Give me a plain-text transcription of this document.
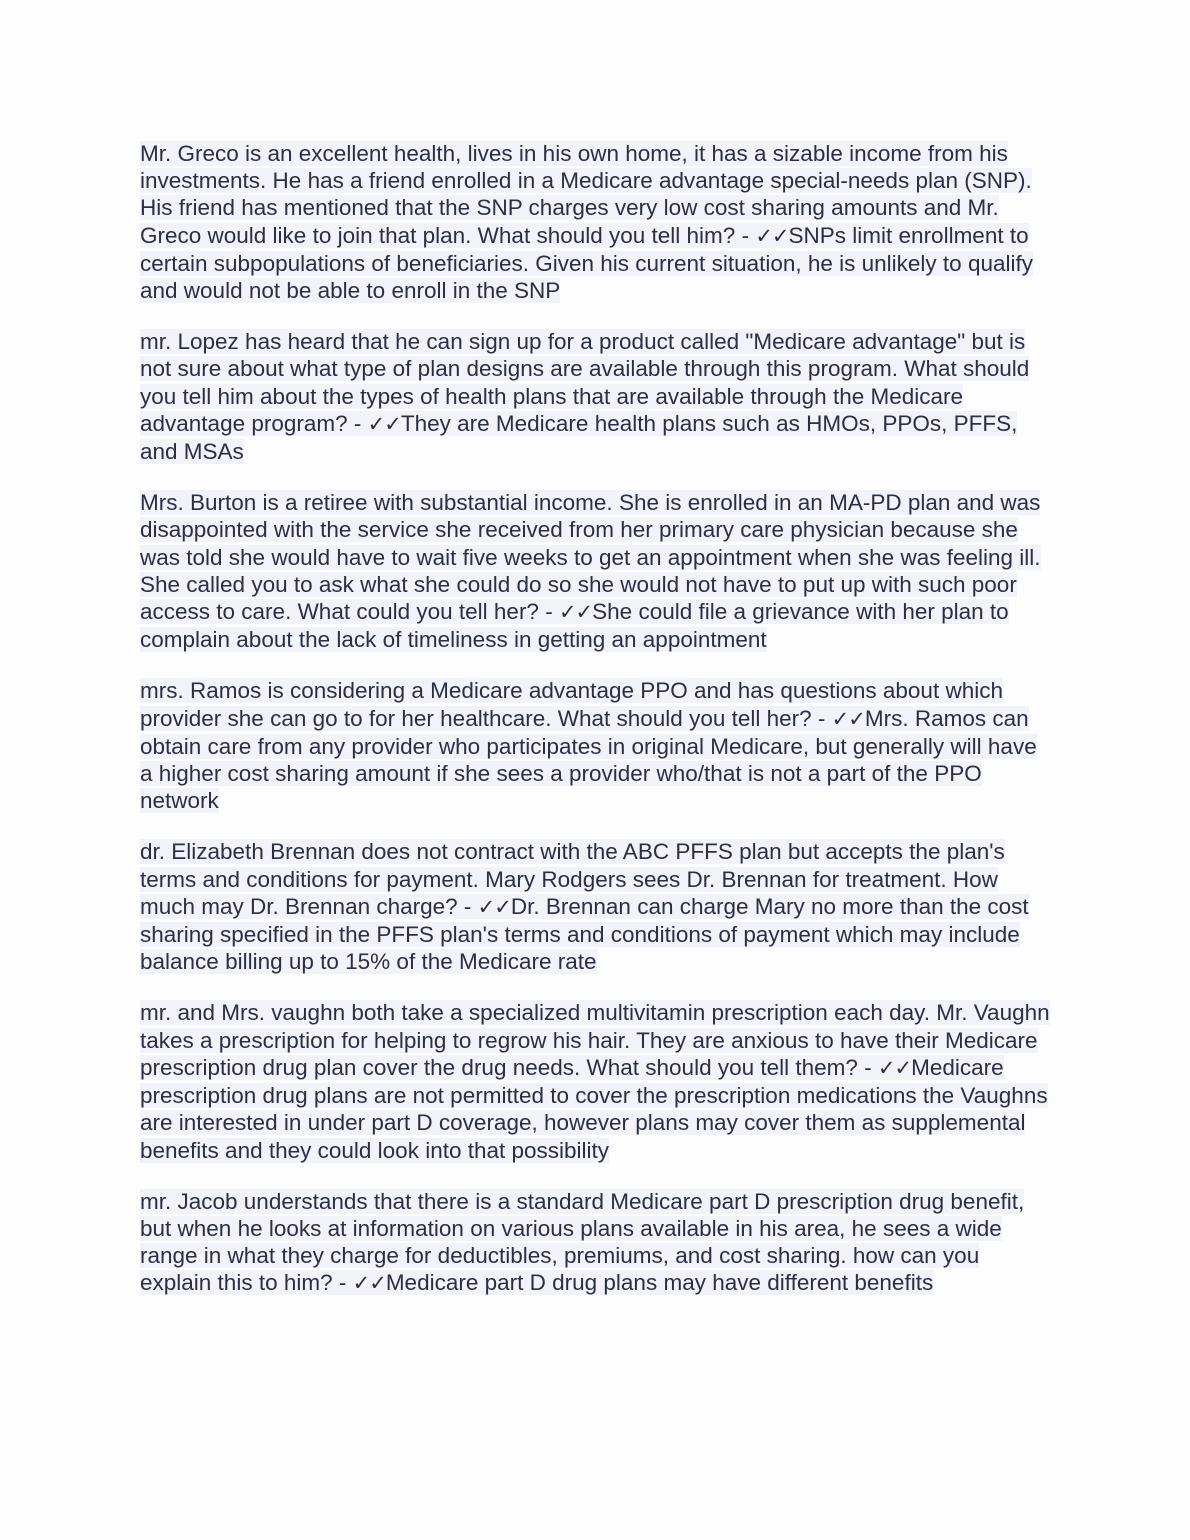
Mr. Greco is an excellent health, lives in his own home, it has a sizable income from his investments. He has a friend enrolled in a Medicare advantage special-needs plan (SNP). His friend has mentioned that the SNP charges very low cost sharing amounts and Mr. Greco would like to join that plan. What should you tell him? - ✓✓SNPs limit enrollment to certain subpopulations of beneficiaries. Given his current situation, he is unlikely to qualify and would not be able to enroll in the SNP

mr. Lopez has heard that he can sign up for a product called "Medicare advantage" but is not sure about what type of plan designs are available through this program. What should you tell him about the types of health plans that are available through the Medicare advantage program? - ✓✓They are Medicare health plans such as HMOs, PPOs, PFFS, and MSAs

Mrs. Burton is a retiree with substantial income. She is enrolled in an MA-PD plan and was disappointed with the service she received from her primary care physician because she was told she would have to wait five weeks to get an appointment when she was feeling ill. She called you to ask what she could do so she would not have to put up with such poor access to care. What could you tell her? - ✓✓She could file a grievance with her plan to complain about the lack of timeliness in getting an appointment

mrs. Ramos is considering a Medicare advantage PPO and has questions about which provider she can go to for her healthcare. What should you tell her? - ✓✓Mrs. Ramos can obtain care from any provider who participates in original Medicare, but generally will have a higher cost sharing amount if she sees a provider who/that is not a part of the PPO network

dr. Elizabeth Brennan does not contract with the ABC PFFS plan but accepts the plan's terms and conditions for payment. Mary Rodgers sees Dr. Brennan for treatment. How much may Dr. Brennan charge? - ✓✓Dr. Brennan can charge Mary no more than the cost sharing specified in the PFFS plan's terms and conditions of payment which may include balance billing up to 15% of the Medicare rate

mr. and Mrs. vaughn both take a specialized multivitamin prescription each day. Mr. Vaughn takes a prescription for helping to regrow his hair. They are anxious to have their Medicare prescription drug plan cover the drug needs. What should you tell them? - ✓✓Medicare prescription drug plans are not permitted to cover the prescription medications the Vaughns are interested in under part D coverage, however plans may cover them as supplemental benefits and they could look into that possibility

mr. Jacob understands that there is a standard Medicare part D prescription drug benefit, but when he looks at information on various plans available in his area, he sees a wide range in what they charge for deductibles, premiums, and cost sharing. how can you explain this to him? - ✓✓Medicare part D drug plans may have different benefits
